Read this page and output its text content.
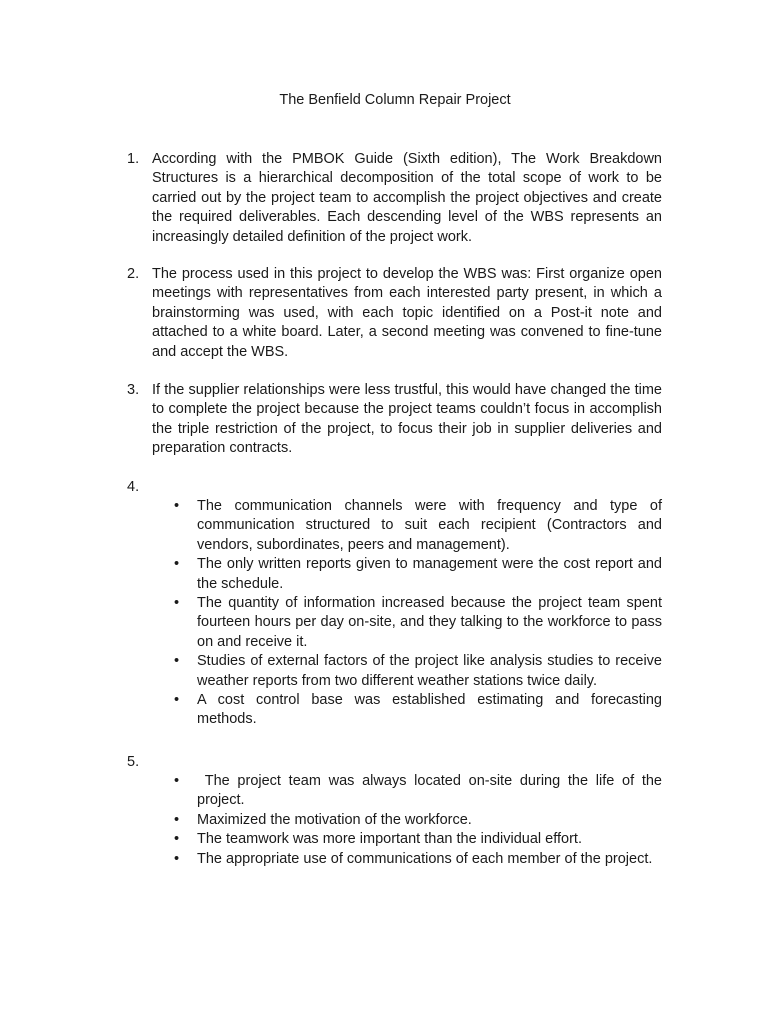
The Benfield Column Repair Project
1. According with the PMBOK Guide (Sixth edition), The Work Breakdown Structures is a hierarchical decomposition of the total scope of work to be carried out by the project team to accomplish the project objectives and create the required deliverables. Each descending level of the WBS represents an increasingly detailed definition of the project work.
2. The process used in this project to develop the WBS was: First organize open meetings with representatives from each interested party present, in which a brainstorming was used, with each topic identified on a Post-it note and attached to a white board. Later, a second meeting was convened to fine-tune and accept the WBS.
3. If the supplier relationships were less trustful, this would have changed the time to complete the project because the project teams couldn’t focus in accomplish the triple restriction of the project, to focus their job in supplier deliveries and preparation contracts.
4.
• The communication channels were with frequency and type of communication structured to suit each recipient (Contractors and vendors, subordinates, peers and management).
• The only written reports given to management were the cost report and the schedule.
• The quantity of information increased because the project team spent fourteen hours per day on-site, and they talking to the workforce to pass on and receive it.
• Studies of external factors of the project like analysis studies to receive weather reports from two different weather stations twice daily.
• A cost control base was established estimating and forecasting methods.
5.
• The project team was always located on-site during the life of the project.
• Maximized the motivation of the workforce.
• The teamwork was more important than the individual effort.
• The appropriate use of communications of each member of the project.
